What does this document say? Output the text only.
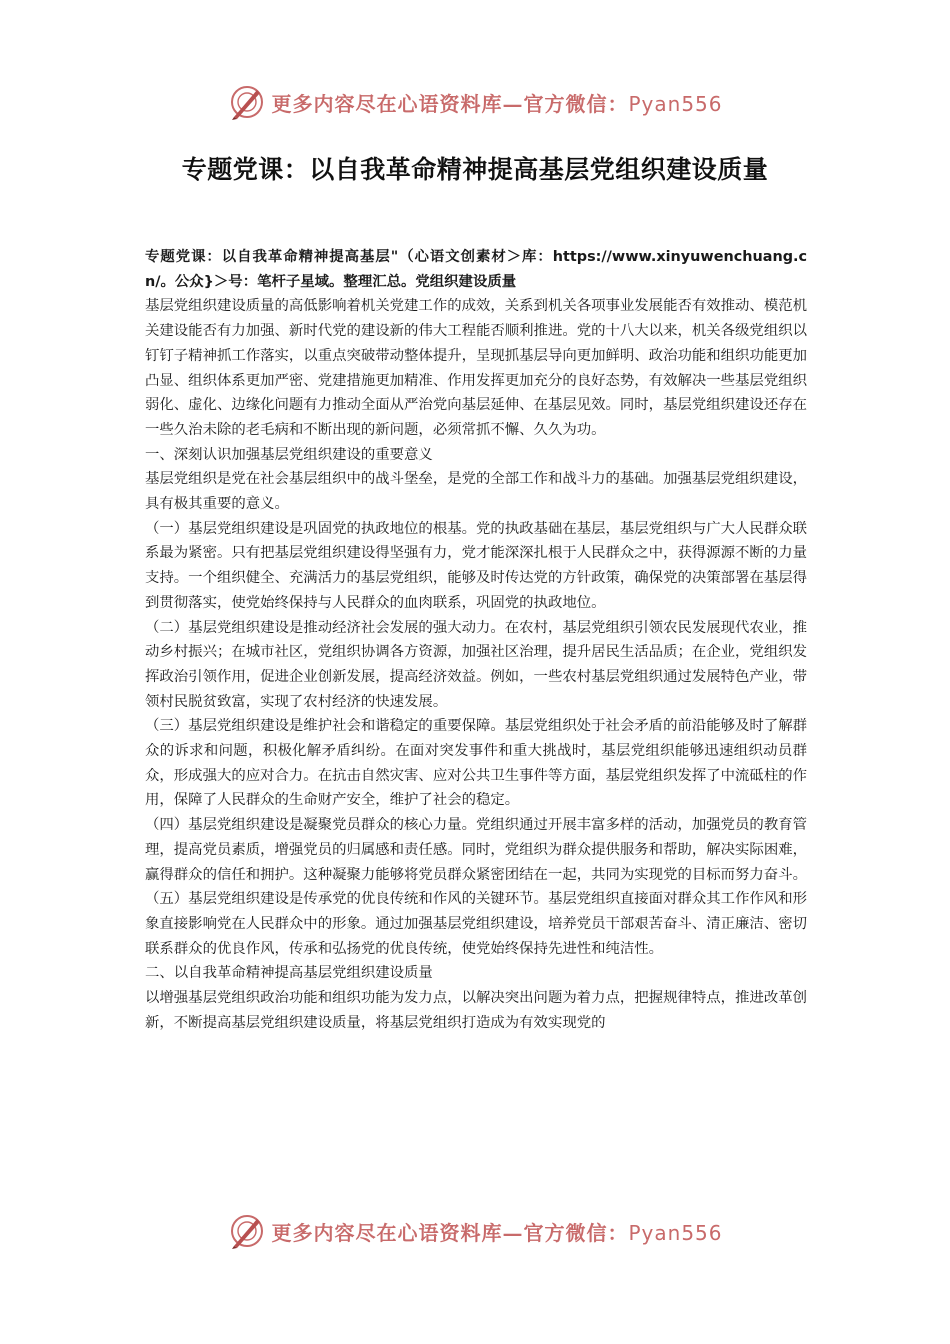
更多内容尽在心语资料库—官方微信：Pyan556
专题党课：以自我革命精神提高基层党组织建设质量

专题党课：以自我革命精神提高基层"（心语文创素材＞库：https://www.xinyuwenchuang.cn/。公众}＞号：笔杆子星域。整理汇总。党组织建设质量

基层党组织建设质量的高低影响着机关党建工作的成效，关系到机关各项事业发展能否有效推动、模范机关建设能否有力加强、新时代党的建设新的伟大工程能否顺利推进。党的十八大以来，机关各级党组织以钉钉子精神抓工作落实，以重点突破带动整体提升，呈现抓基层导向更加鲜明、政治功能和组织功能更加凸显、组织体系更加严密、党建措施更加精准、作用发挥更加充分的良好态势，有效解决一些基层党组织弱化、虚化、边缘化问题有力推动全面从严治党向基层延伸、在基层见效。同时，基层党组织建设还存在一些久治未除的老毛病和不断出现的新问题，必须常抓不懈、久久为功。

一、深刻认识加强基层党组织建设的重要意义

基层党组织是党在社会基层组织中的战斗堡垒，是党的全部工作和战斗力的基础。加强基层党组织建设，具有极其重要的意义。

（一）基层党组织建设是巩固党的执政地位的根基。党的执政基础在基层，基层党组织与广大人民群众联系最为紧密。只有把基层党组织建设得坚强有力，党才能深深扎根于人民群众之中，获得源源不断的力量支持。一个组织健全、充满活力的基层党组织，能够及时传达党的方针政策，确保党的决策部署在基层得到贯彻落实，使党始终保持与人民群众的血肉联系，巩固党的执政地位。

（二）基层党组织建设是推动经济社会发展的强大动力。在农村，基层党组织引领农民发展现代农业，推动乡村振兴；在城市社区，党组织协调各方资源，加强社区治理，提升居民生活品质；在企业，党组织发挥政治引领作用，促进企业创新发展，提高经济效益。例如，一些农村基层党组织通过发展特色产业，带领村民脱贫致富，实现了农村经济的快速发展。

（三）基层党组织建设是维护社会和谐稳定的重要保障。基层党组织处于社会矛盾的前沿能够及时了解群众的诉求和问题，积极化解矛盾纠纷。在面对突发事件和重大挑战时，基层党组织能够迅速组织动员群众，形成强大的应对合力。在抗击自然灾害、应对公共卫生事件等方面，基层党组织发挥了中流砥柱的作用，保障了人民群众的生命财产安全，维护了社会的稳定。

（四）基层党组织建设是凝聚党员群众的核心力量。党组织通过开展丰富多样的活动，加强党员的教育管理，提高党员素质，增强党员的归属感和责任感。同时，党组织为群众提供服务和帮助，解决实际困难，赢得群众的信任和拥护。这种凝聚力能够将党员群众紧密团结在一起，共同为实现党的目标而努力奋斗。

（五）基层党组织建设是传承党的优良传统和作风的关键环节。基层党组织直接面对群众其工作作风和形象直接影响党在人民群众中的形象。通过加强基层党组织建设，培养党员干部艰苦奋斗、清正廉洁、密切联系群众的优良作风，传承和弘扬党的优良传统，使党始终保持先进性和纯洁性。

二、以自我革命精神提高基层党组织建设质量

以增强基层党组织政治功能和组织功能为发力点，以解决突出问题为着力点，把握规律特点，推进改革创新，不断提高基层党组织建设质量，将基层党组织打造成为有效实现党的

更多内容尽在心语资料库—官方微信：Pyan556
